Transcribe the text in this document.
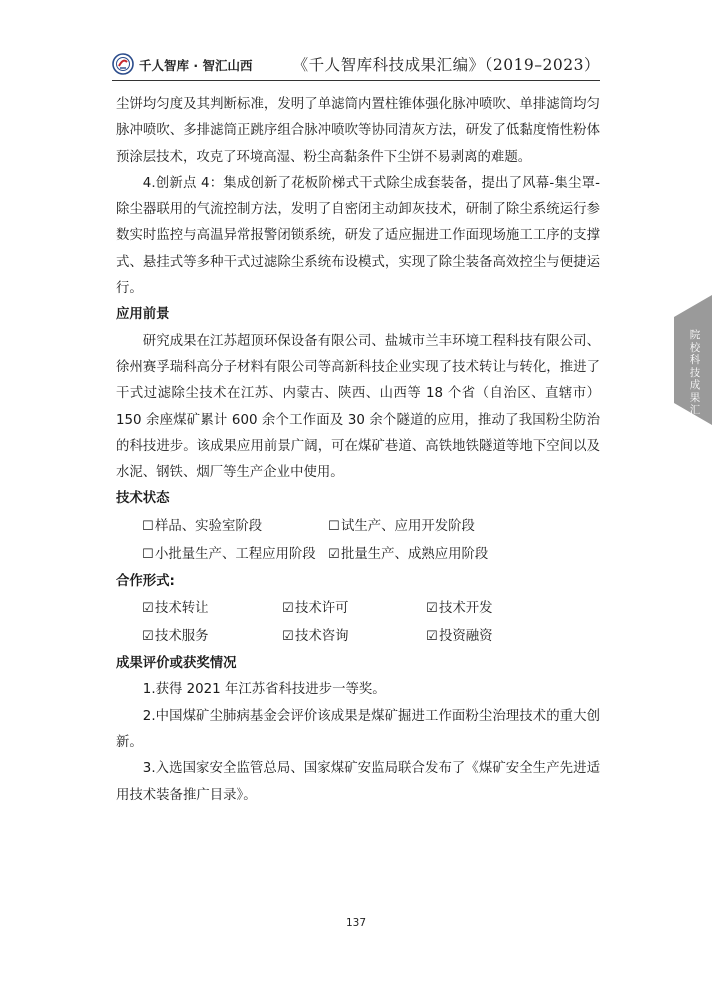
千人智库 · 智汇山西	《千人智库科技成果汇编》（2019–2023）

尘饼均匀度及其判断标准，发明了单滤筒内置柱锥体强化脉冲喷吹、单排滤筒均匀脉冲喷吹、多排滤筒正跳序组合脉冲喷吹等协同清灰方法，研发了低黏度惰性粉体预涂层技术，攻克了环境高湿、粉尘高黏条件下尘饼不易剥离的难题。

4.创新点 4：集成创新了花板阶梯式干式除尘成套装备，提出了风幕-集尘罩-除尘器联用的气流控制方法，发明了自密闭主动卸灰技术，研制了除尘系统运行参数实时监控与高温异常报警闭锁系统，研发了适应掘进工作面现场施工工序的支撑式、悬挂式等多种干式过滤除尘系统布设模式，实现了除尘装备高效控尘与便捷运行。

应用前景

研究成果在江苏超顶环保设备有限公司、盐城市兰丰环境工程科技有限公司、徐州赛孚瑞科高分子材料有限公司等高新科技企业实现了技术转让与转化，推进了干式过滤除尘技术在江苏、内蒙古、陕西、山西等 18 个省（自治区、直辖市）150 余座煤矿累计 600 余个工作面及 30 余个隧道的应用，推动了我国粉尘防治的科技进步。该成果应用前景广阔，可在煤矿巷道、高铁地铁隧道等地下空间以及水泥、钢铁、烟厂等生产企业中使用。

技术状态

☐ 样品、实验室阶段	☐ 试生产、应用开发阶段
☐ 小批量生产、工程应用阶段 ☑ 批量生产、成熟应用阶段

合作形式:

☑ 技术转让	☑ 技术许可	☑ 技术开发
☑ 技术服务	☑ 技术咨询	☑ 投资融资

成果评价或获奖情况

1.获得 2021 年江苏省科技进步一等奖。

2.中国煤矿尘肺病基金会评价该成果是煤矿掘进工作面粉尘治理技术的重大创新。

3.入选国家安全监管总局、国家煤矿安监局联合发布了《煤矿安全生产先进适用技术装备推广目录》。

院校科技成果汇编
137
